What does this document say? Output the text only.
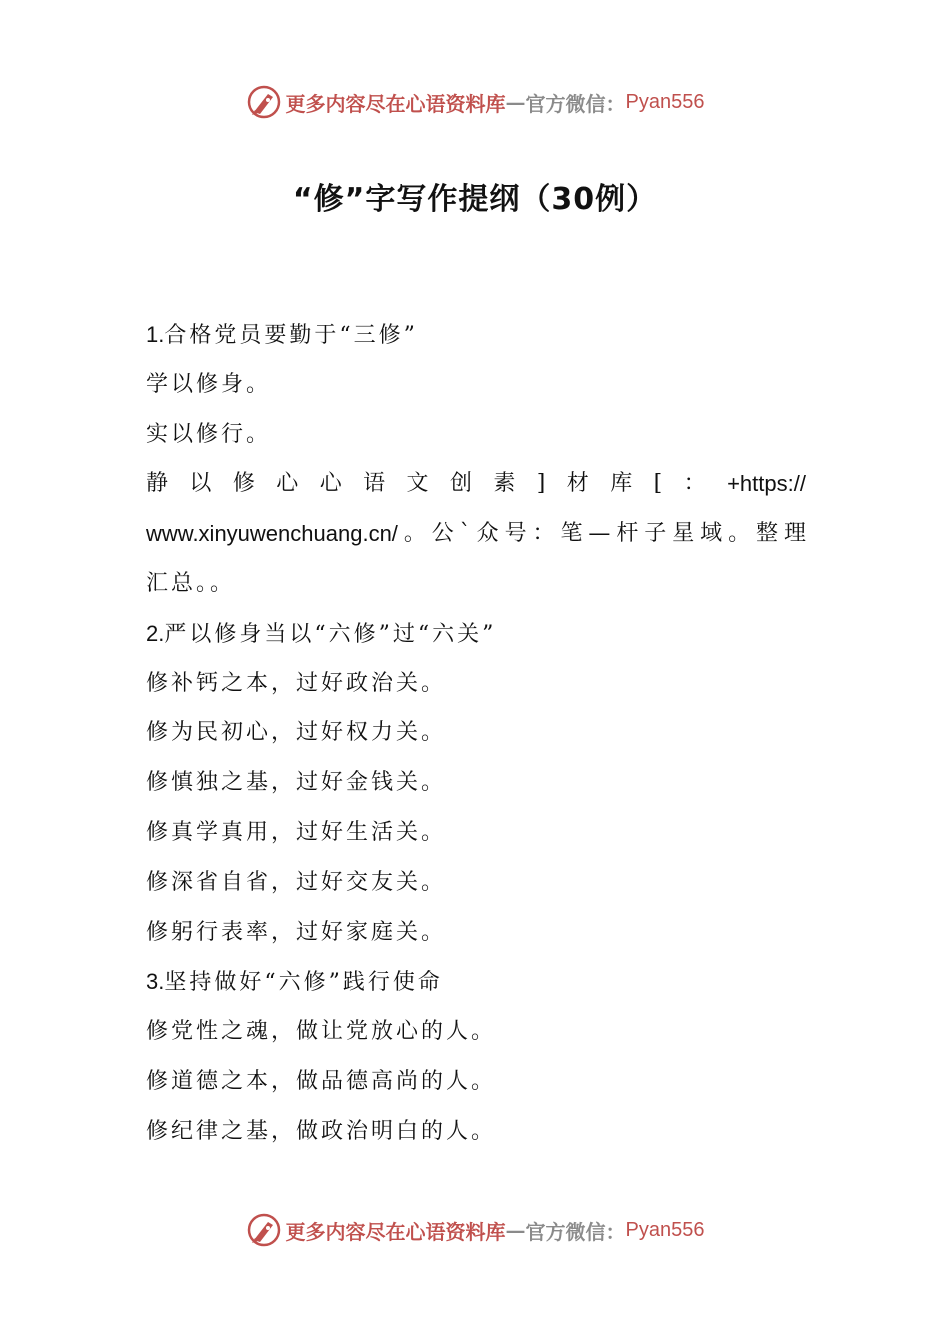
更多内容尽在心语资料库 — 官方微信： Pyan556
“修”字写作提纲（30例）
1.合格党员要勤于“三修”
学以修身。
实以修行。
静 以 修 心 心 语 文 创 素 ] 材 库 [ ： +https://
www.xinyuwenchuang.cn/ 。 公 ` 众 号 ： 笔 — 杆 子 星 域 。 整 理
汇总。。
2.严以修身当以“六修”过“六关”
修补钙之本，过好政治关。
修为民初心，过好权力关。
修慎独之基，过好金钱关。
修真学真用，过好生活关。
修深省自省，过好交友关。
修躬行表率，过好家庭关。
3.坚持做好“六修”践行使命
修党性之魂，做让党放心的人。
修道德之本，做品德高尚的人。
修纪律之基，做政治明白的人。
更多内容尽在心语资料库 — 官方微信： Pyan556
